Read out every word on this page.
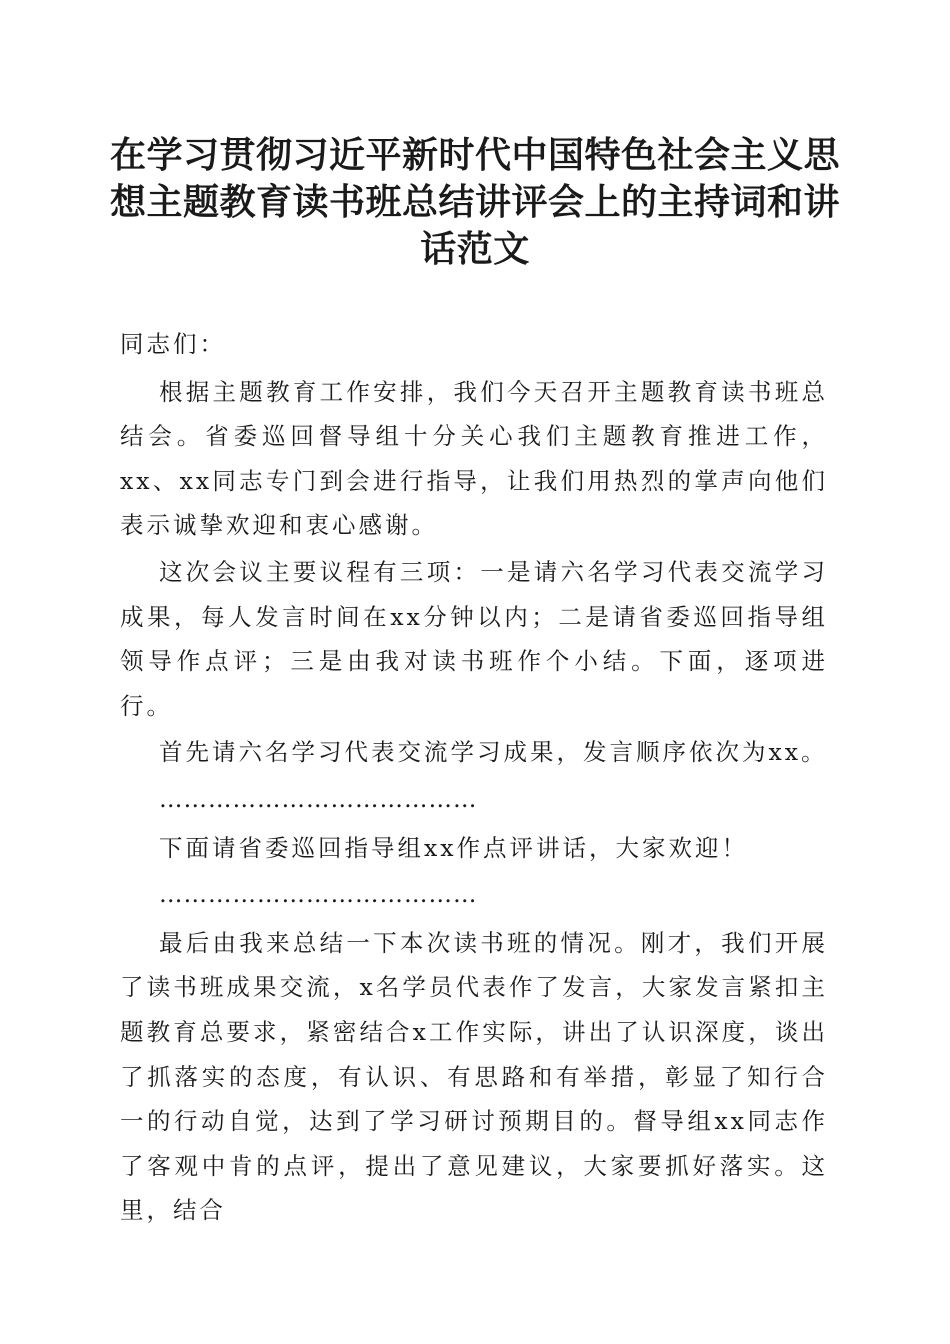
在学习贯彻习近平新时代中国特色社会主义思想主题教育读书班总结讲评会上的主持词和讲话范文

同志们：

根据主题教育工作安排，我们今天召开主题教育读书班总结会。省委巡回督导组十分关心我们主题教育推进工作，xx、xx同志专门到会进行指导，让我们用热烈的掌声向他们表示诚挚欢迎和衷心感谢。

这次会议主要议程有三项：一是请六名学习代表交流学习成果，每人发言时间在xx分钟以内；二是请省委巡回指导组领导作点评；三是由我对读书班作个小结。下面，逐项进行。

首先请六名学习代表交流学习成果，发言顺序依次为xx。

…………………………………

下面请省委巡回指导组xx作点评讲话，大家欢迎！

…………………………………

最后由我来总结一下本次读书班的情况。刚才，我们开展了读书班成果交流，x名学员代表作了发言，大家发言紧扣主题教育总要求，紧密结合x工作实际，讲出了认识深度，谈出了抓落实的态度，有认识、有思路和有举措，彰显了知行合一的行动自觉，达到了学习研讨预期目的。督导组xx同志作了客观中肯的点评，提出了意见建议，大家要抓好落实。这里，结合
